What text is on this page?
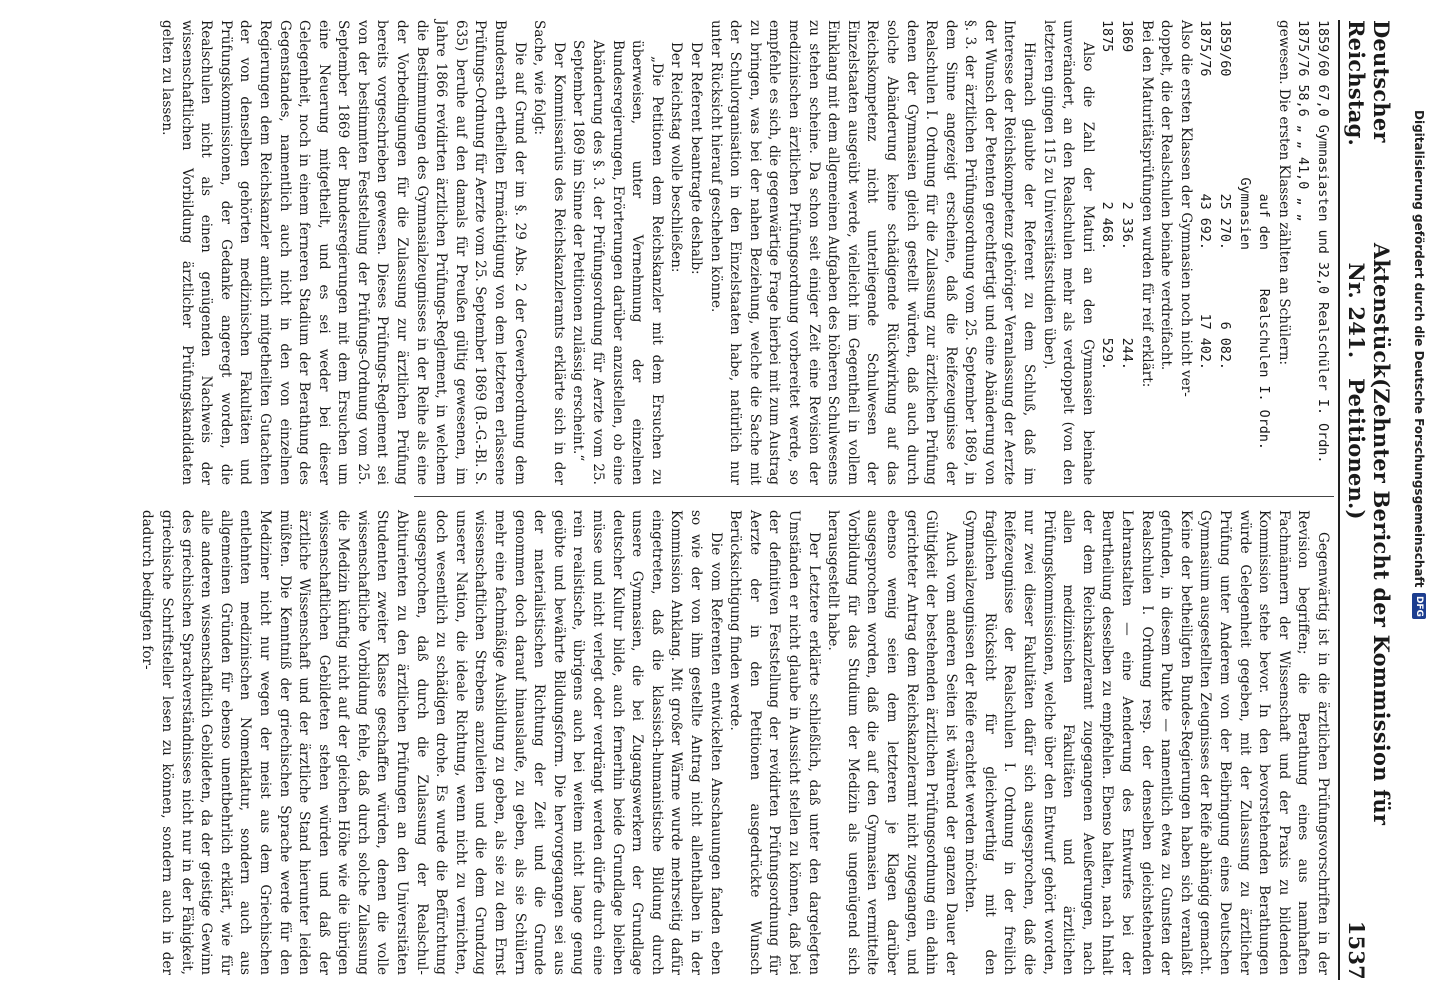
Deutscher Reichstag.
Aktenstück Nr. 241.
(Zehnter Bericht der Kommission für Petitionen.)
1537

1859/60 67,0 Gymnasiasten und 32,0 Realschüler I. Ordn.
1875/76 58,6 „ „ 41,0 „ „

gewesen. Die ersten Klassen zählten an Schülern:

auf den Gymnasien
Realschulen I. Ordn.
1859/60
25 270.
6 082.
1875/76
43 692.
17 402.

Also die ersten Klassen der Gymnasien noch nicht ver-
doppelt, die der Realschulen beinahe verdreifacht.
Bei den Maturitätsprüfungen wurden für reif erklärt:

1869
2 336.
244.
1875
2 468.
529.

Also die Zahl der Maturi an den Gymnasien beinahe unverändert, an den Realschulen mehr als verdoppelt (von den letzteren gingen 115 zu Universitätsstudien über).

Hiernach glaubte der Referent zu dem Schluß, daß im Interesse der Reichskompetenz gehöriger Veranlassung der Aerzte der Wunsch der Petenten gerechtfertigt und eine Abänderung von §. 3. der ärztlichen Prüfungsordnung vom 25. September 1869, in dem Sinne angezeigt erscheine, daß die Reifezeugnisse der Realschulen I. Ordnung für die Zulassung zur ärztlichen Prüfung denen der Gymnasien gleich gestellt würden, daß auch durch solche Abänderung keine schädigende Rückwirkung auf das Reichskompetenz nicht unterliegende Schulwesen der Einzelstaaten ausgeübt werde, vielleicht im Gegentheil in vollem Einklang mit dem allgemeinen Aufgaben des höheren Schulwesens zu stehen scheine. Da schon seit einiger Zeit eine Revision der medizinischen ärztlichen Prüfungsordnung vorbereitet werde, so empfehle es sich, die gegenwärtige Frage hierbei mit zum Austrag zu bringen, was bei der nahen Beziehung, welche die Sache mit der Schulorganisation in den Einzelstaaten habe, natürlich nur unter Rücksicht hierauf geschehen könne.

Der Referent beantragte deshalb:

Der Reichstag wolle beschließen:

„Die Petitionen dem Reichskanzler mit dem Ersuchen zu überweisen, unter Vernehmung der einzelnen Bundesregierungen, Erörterungen darüber anzustellen, ob eine Abänderung des §. 3. der Prüfungsordnung für Aerzte vom 25. September 1869 im Sinne der Petitionen zulässig erscheint.“

Der Kommissarius des Reichskanzleramts erklärte sich in der Sache, wie folgt:

Die auf Grund der im §. 29 Abs. 2 der Gewerbeordnung dem Bundesrath ertheilten Ermächtigung von dem letzteren erlassene Prüfungs-Ordnung für Aerzte vom 25. September 1869 (B.-G.-Bl. S. 635) beruhe auf den damals für Preußen gültig gewesenen, im Jahre 1866 revidirten ärztlichen Prüfungs-Reglement, in welchem die Bestimmungen des Gymnasialzeugnisses in der Reihe als eine der Vorbedingungen für die Zulassung zur ärztlichen Prüfung bereits vorgeschrieben gewesen. Dieses Prüfungs-Reglement sei von der bestimmten Feststellung der Prüfungs-Ordnung vom 25. September 1869 der Bundesregierungen mit dem Ersuchen um eine Neuerung mitgetheilt, und es sei weder bei dieser Gelegenheit, noch in einem ferneren Stadium der Berathung des Gegenstandes, namentlich auch nicht in den von einzelnen Regierungen dem Reichskanzler amtlich mitgetheilten Gutachten der von denselben gehörten medizinischen Fakultäten und Prüfungskommissionen, der Gedanke angeregt worden, die Realschulen nicht als einen genügenden Nachweis der wissenschaftlichen Vorbildung ärztlicher Prüfungskandidaten gelten zu lassen.

Gegenwärtig ist in die ärztlichen Prüfungsvorschriften in der Revision begriffen; die Berathung eines aus namhaften Fachmännern der Wissenschaft und der Praxis zu bildenden Kommission stehe bevor. In den bevorstehenden Berathungen würde Gelegenheit gegeben, mit der Zulassung zu ärztlicher Prüfung unter Anderem von der Beibringung eines Deutschen Gymnasium ausgestellten Zeugnisses der Reife abhängig gemacht. Keine der betheiligten Bundes-Regierungen haben sich veranlaßt gefunden, in diesem Punkte — namentlich etwa zu Gunsten der Realschulen I. Ordnung resp. der denselben gleichstehenden Lehranstalten — eine Aenderung des Entwurfes bei der Beurtheilung desselben zu empfehlen. Ebenso halten, nach Inhalt der dem Reichskanzleramt zugegangenen Aeußerungen, nach allen medizinischen Fakultäten und ärztlichen Prüfungskommissionen, welche über den Entwurf gehört worden, nur zwei dieser Fakultäten dafür sich ausgesprochen, daß die Reifezeugnisse der Realschulen I. Ordnung in der freilich fraglichen Rücksicht für gleichwerthig mit den Gymnasialzeugnissen der Reife erachtet werden möchten.

Auch vom anderen Seiten ist während der ganzen Dauer der Gültigkeit der bestehenden ärztlichen Prüfungsordnung ein dahin gerichteter Antrag dem Reichskanzleramt nicht zugegangen, und ebenso wenig seien dem letzteren je Klagen darüber ausgesprochen worden, daß die auf den Gymnasien vermittelte Vorbildung für das Studium der Medizin als ungenügend sich herausgestellt habe.

Der Letztere erklärte schließlich, daß unter den dargelegten Umständen er nicht glaube in Aussicht stellen zu können, daß bei der definitiven Feststellung der revidirten Prüfungsordnung für Aerzte der in den Petitionen ausgedrückte Wunsch Berücksichtigung finden werde.

Die vom Referenten entwickelten Anschauungen fanden eben so wie der von ihm gestellte Antrag nicht allenthalben in der Kommission Anklang. Mit großer Wärme wurde mehrseitig dafür eingetreten, daß die klassisch-humanistische Bildung durch unsere Gymnasien, die bei Zugangswerkern der Grundlage deutscher Kultur bilde, auch fernerhin beide Grundlage bleiben müsse und nicht verlegt oder verdrängt werden dürfe durch eine rein realistische, übrigens auch bei weitem nicht lange genug geübte und bewährte Bildungsform. Die hervorgegangen sei aus der materialistischen Richtung der Zeit und die Grunde genommen doch darauf hinauslaufe, zu geben, als sie Schülern mehr eine fachmäßige Ausbildung zu geben, als sie zu dem Ernst wissenschaftlichen Strebens anzuleiten und die dem Grundzug unserer Nation, die ideale Richtung, wenn nicht zu vernichten, doch wesentlich zu schädigen drohe. Es wurde die Befürchtung ausgesprochen, daß durch die Zulassung der Realschul-Abiturienten zu den ärztlichen Prüfungen an den Universitäten Studenten zweiter Klasse geschaffen würden, denen die volle wissenschaftliche Vorbildung fehle, daß durch solche Zulassung die Medizin künftig nicht auf der gleichen Höhe wie die übrigen wissenschaftlichen Gebildeten stehen würden und daß der ärztliche Wissenschaft und der ärztliche Stand hierunter leiden müßten. Die Kenntniß der griechischen Sprache werde für den Mediziner nicht nur wegen der meist aus dem Griechischen entlehnten medizinischen Nomenklatur, sondern auch aus allgemeinen Gründen für ebenso unentbehrlich erklärt, wie für alle anderen wissenschaftlich Gebildeten, da der geistige Gewinn des griechischen Sprachverständnisses nicht nur in der Fähigkeit, griechische Schriftsteller lesen zu können, sondern auch in der dadurch bedingten for-

Digitalisierung gefördert durch die Deutsche Forschungsgemeinschaft
DFG
